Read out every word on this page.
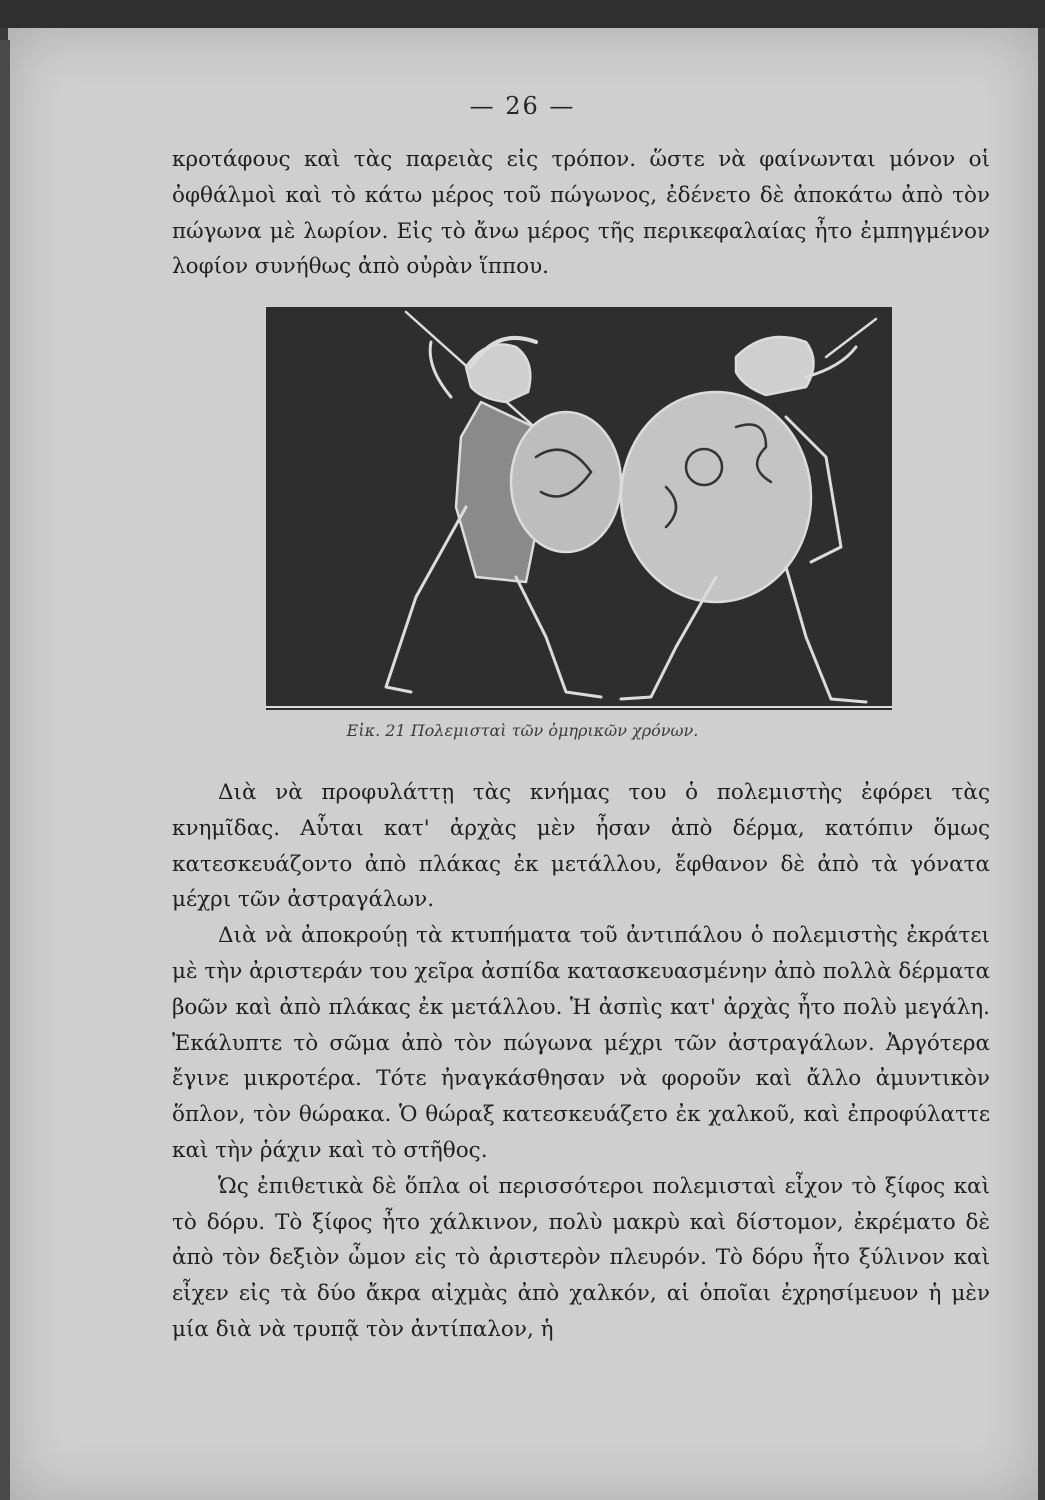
— 26 —

κροτάφους καὶ τὰς παρειὰς εἰς τρόπον. ὥστε νὰ φαίνωνται μόνον οἱ ὀφθάλμοὶ καὶ τὸ κάτω μέρος τοῦ πώγωνος, ἐδένετο δὲ ἀποκάτω ἀπὸ τὸν πώγωνα μὲ λωρίον. Εἰς τὸ ἄνω μέρος τῆς περικεφαλαίας ἦτο ἐμπηγμένον λοφίον συνήθως ἀπὸ οὐρὰν ἵππου.

Εἰκ. 21 Πολεμισταὶ τῶν ὁμηρικῶν χρόνων.

Διὰ νὰ προφυλάττῃ τὰς κνήμας του ὁ πολεμιστὴς ἐφόρει τὰς κνημῖδας. Αὗται κατ' ἀρχὰς μὲν ἦσαν ἀπὸ δέρμα, κατόπιν ὅμως κατεσκευάζοντο ἀπὸ πλάκας ἐκ μετάλλου, ἔφθανον δὲ ἀπὸ τὰ γόνατα μέχρι τῶν ἀστραγάλων.

Διὰ νὰ ἀποκρούῃ τὰ κτυπήματα τοῦ ἀντιπάλου ὁ πολεμιστὴς ἐκράτει μὲ τὴν ἀριστεράν του χεῖρα ἀσπίδα κατασκευασμένην ἀπὸ πολλὰ δέρματα βοῶν καὶ ἀπὸ πλάκας ἐκ μετάλλου. Ἡ ἀσπὶς κατ' ἀρχὰς ἦτο πολὺ μεγάλη. Ἐκάλυπτε τὸ σῶμα ἀπὸ τὸν πώγωνα μέχρι τῶν ἀστραγάλων. Ἀργότερα ἔγινε μικροτέρα. Τότε ἠναγκάσθησαν νὰ φοροῦν καὶ ἄλλο ἀμυντικὸν ὅπλον, τὸν θώρακα. Ὁ θώραξ κατεσκευάζετο ἐκ χαλκοῦ, καὶ ἐπροφύλαττε καὶ τὴν ῥάχιν καὶ τὸ στῆθος.

Ὡς ἐπιθετικὰ δὲ ὅπλα οἱ περισσότεροι πολεμισταὶ εἶχον τὸ ξίφος καὶ τὸ δόρυ. Τὸ ξίφος ἦτο χάλκινον, πολὺ μακρὺ καὶ δίστομον, ἐκρέματο δὲ ἀπὸ τὸν δεξιὸν ὦμον εἰς τὸ ἀριστερὸν πλευρόν. Τὸ δόρυ ἦτο ξύλινον καὶ εἶχεν εἰς τὰ δύο ἄκρα αἰχμὰς ἀπὸ χαλκόν, αἱ ὁποῖαι ἐχρησίμευον ἡ μὲν μία διὰ νὰ τρυπᾷ τὸν ἀντίπαλον, ἡ
